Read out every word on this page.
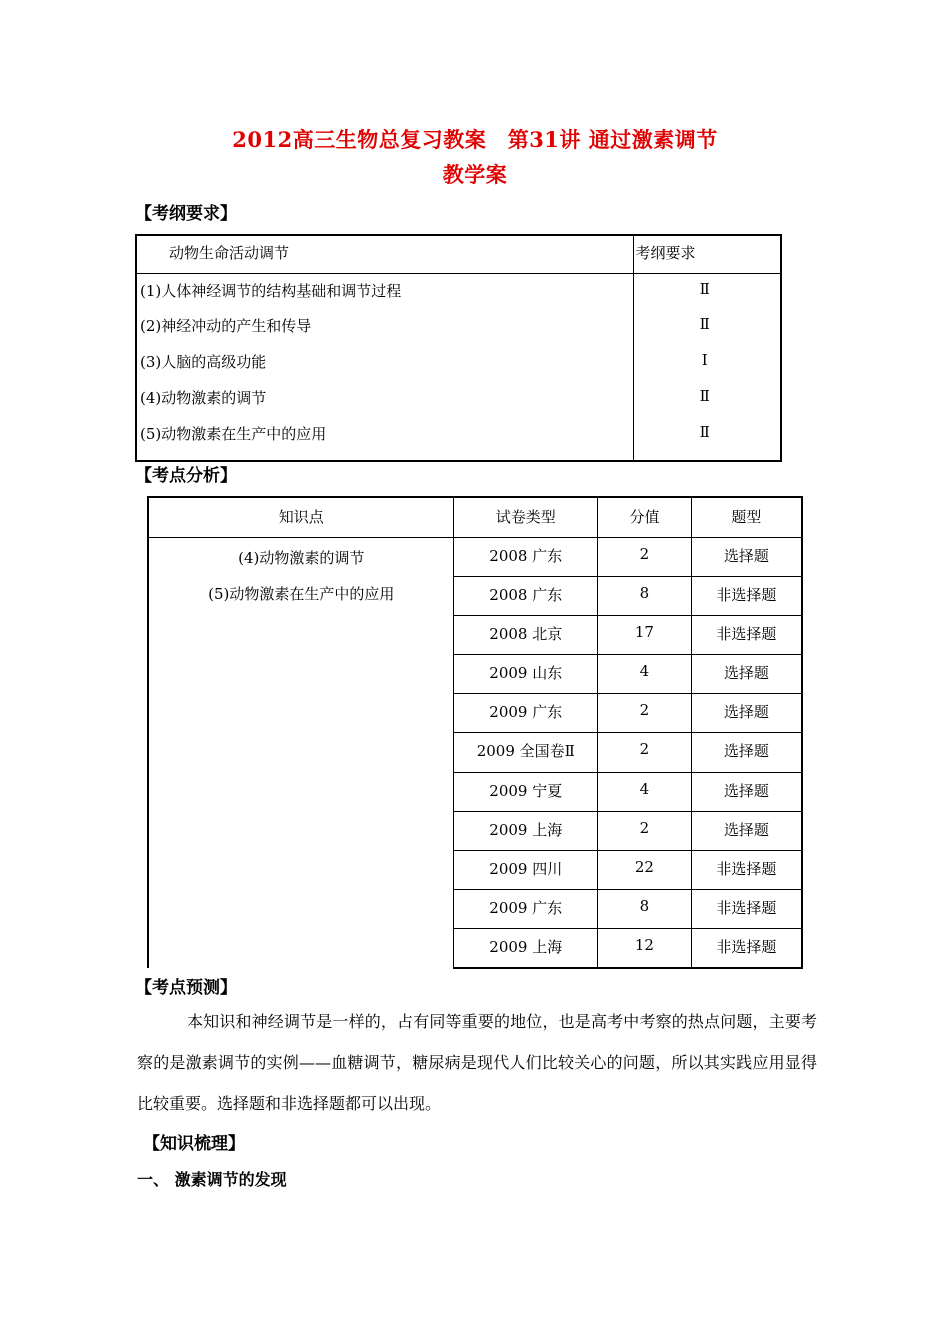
2012高三生物总复习教案　第31讲 通过激素调节
教学案
【考纲要求】
动物生命活动调节	考纲要求
(1)人体神经调节的结构基础和调节过程	Ⅱ
(2)神经冲动的产生和传导	Ⅱ
(3)人脑的高级功能	Ⅰ
(4)动物激素的调节	Ⅱ
(5)动物激素在生产中的应用	Ⅱ
【考点分析】
知识点	试卷类型	分值	题型

(4)动物激素的调节
(5)动物激素在生产中的应用	2008 广东	2	选择题
	2008 广东	8	非选择题
	2008 北京	17	非选择题
	2009 山东	4	选择题
	2009 广东	2	选择题
	2009 全国卷Ⅱ	2	选择题
	2009 宁夏	4	选择题
	2009 上海	2	选择题
	2009 四川	22	非选择题
	2009 广东	8	非选择题
	2009 上海	12	非选择题
【考点预测】
本知识和神经调节是一样的，占有同等重要的地位，也是高考中考察的热点问题，主要考察的是激素调节的实例——血糖调节，糖尿病是现代人们比较关心的问题，所以其实践应用显得比较重要。选择题和非选择题都可以出现。
【知识梳理】
一、 激素调节的发现
